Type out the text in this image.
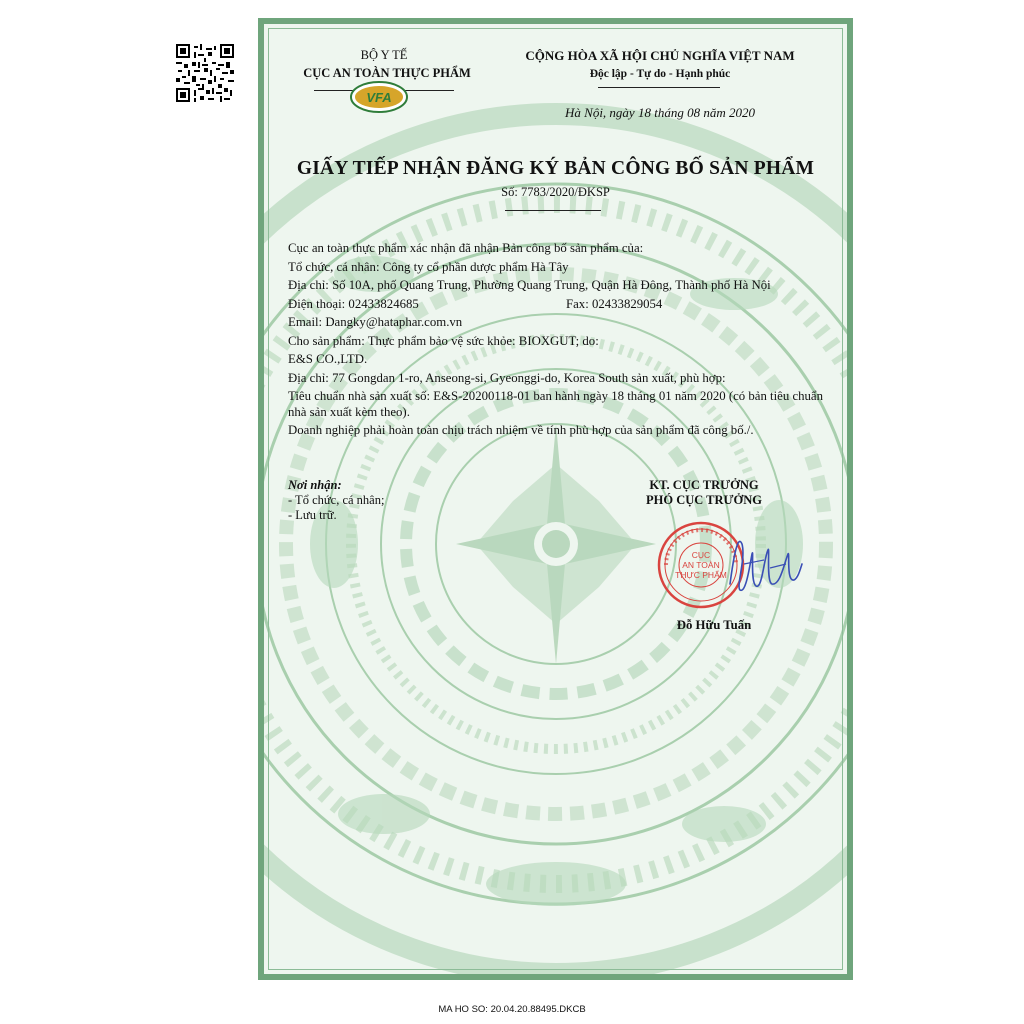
BỘ Y TẾ
CỤC AN TOÀN THỰC PHẨM
VFA
CỘNG HÒA XÃ HỘI CHỦ NGHĨA VIỆT NAM
Độc lập - Tự do - Hạnh phúc
Hà Nội, ngày 18 tháng 08 năm 2020
GIẤY TIẾP NHẬN ĐĂNG KÝ BẢN CÔNG BỐ SẢN PHẨM
Số: 7783/2020/ĐKSP

Cục an toàn thực phẩm xác nhận đã nhận Bản công bố sản phẩm của:

Tổ chức, cá nhân: Công ty cổ phần dược phẩm Hà Tây

Địa chỉ: Số 10A, phố Quang Trung, Phường Quang Trung, Quận Hà Đông, Thành phố Hà Nội

Điện thoại: 02433824685	Fax: 02433829054

Email: Dangky@hataphar.com.vn

Cho sản phẩm: Thực phẩm bảo vệ sức khỏe: BIOXGUT; do:

E&S CO.,LTD.

Địa chỉ: 77 Gongdan 1-ro, Anseong-si, Gyeonggi-do, Korea South sản xuất, phù hợp:

Tiêu chuẩn nhà sản xuất số: E&S-20200118-01 ban hành ngày 18 tháng 01 năm 2020 (có bản tiêu chuẩn nhà sản xuất kèm theo).

Doanh nghiệp phải hoàn toàn chịu trách nhiệm về tính phù hợp của sản phẩm đã công bố./.

Nơi nhận:
- Tổ chức, cá nhân;
- Lưu trữ.
KT. CỤC TRƯỞNG
PHÓ CỤC TRƯỞNG
CỤC
AN TOÀN
THỰC PHẨM
Đỗ Hữu Tuấn
MA HO SO: 20.04.20.88495.DKCB
